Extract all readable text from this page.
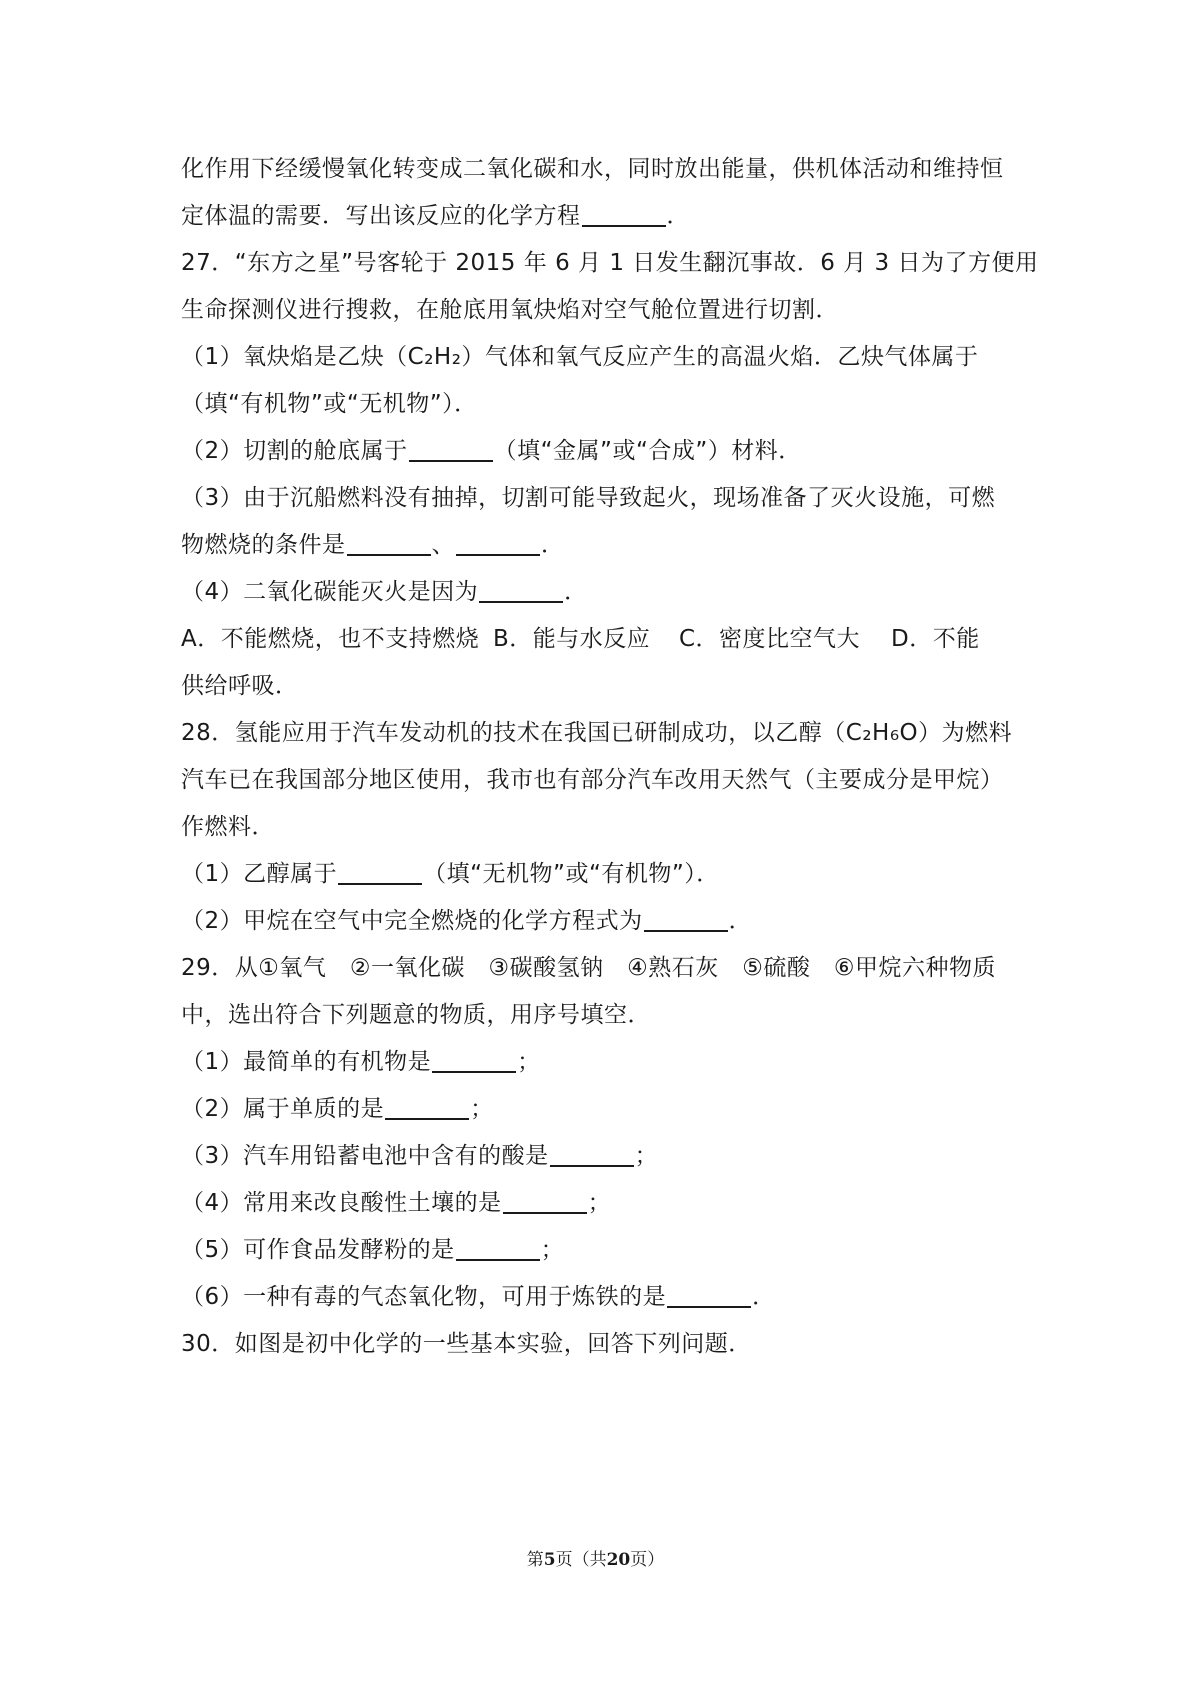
化作用下经缓慢氧化转变成二氧化碳和水，同时放出能量，供机体活动和维持恒
定体温的需要．写出该反应的化学方程	．
27．“东方之星”号客轮于 2015 年 6 月 1 日发生翻沉事故．6 月 3 日为了方便用
生命探测仪进行搜救，在舱底用氧炔焰对空气舱位置进行切割．
（1）氧炔焰是乙炔（C₂H₂）气体和氧气反应产生的高温火焰．乙炔气体属于
（填“有机物”或“无机物”）．
（2）切割的舱底属于	（填“金属”或“合成”）材料．
（3）由于沉船燃料没有抽掉，切割可能导致起火，现场准备了灭火设施，可燃
物燃烧的条件是	、	．
（4）二氧化碳能灭火是因为	．
A．不能燃烧，也不支持燃烧 B．能与水反应 C．密度比空气大 D．不能
供给呼吸．
28．氢能应用于汽车发动机的技术在我国已研制成功，以乙醇（C₂H₆O）为燃料
汽车已在我国部分地区使用，我市也有部分汽车改用天然气（主要成分是甲烷）
作燃料．
（1）乙醇属于	（填“无机物”或“有机物”）．
（2）甲烷在空气中完全燃烧的化学方程式为	．
29．从①氧气　②一氧化碳　③碳酸氢钠　④熟石灰　⑤硫酸　⑥甲烷六种物质
中，选出符合下列题意的物质，用序号填空．
（1）最简单的有机物是	；
（2）属于单质的是	；
（3）汽车用铅蓄电池中含有的酸是	；
（4）常用来改良酸性土壤的是	；
（5）可作食品发酵粉的是	；
（6）一种有毒的气态氧化物，可用于炼铁的是	．
30．如图是初中化学的一些基本实验，回答下列问题．
第5页（共20页）
